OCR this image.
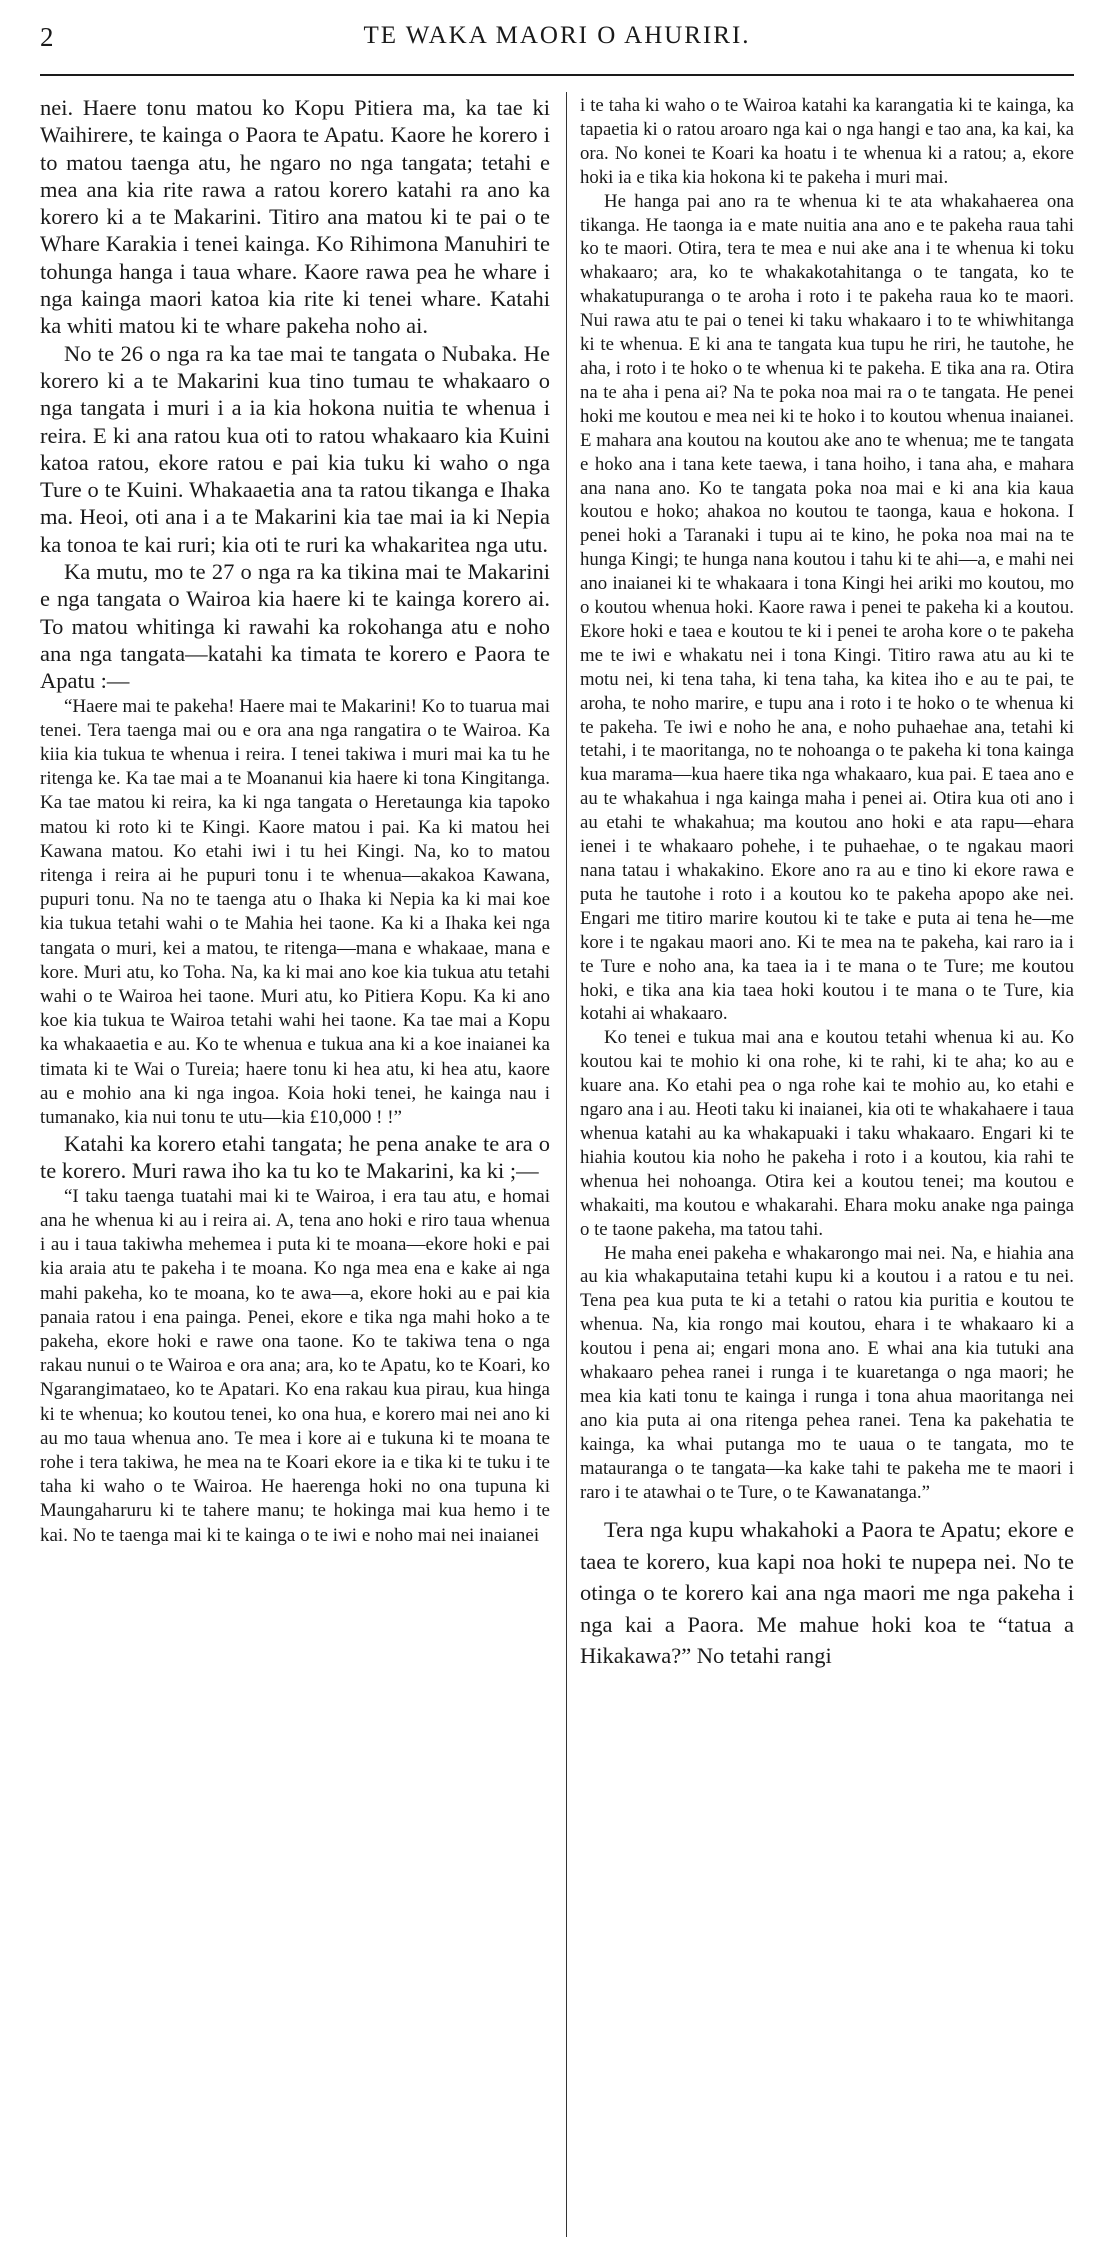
2	TE WAKA MAORI O AHURIRI.

nei. Haere tonu matou ko Kopu Pitiera ma, ka tae ki Waihirere, te kainga o Paora te Apatu. Kaore he korero i to matou taenga atu, he ngaro no nga tangata; tetahi e mea ana kia rite rawa a ratou korero katahi ra ano ka korero ki a te Makarini. Titiro ana matou ki te pai o te Whare Karakia i tenei kainga. Ko Rihimona Manuhiri te tohunga hanga i taua whare. Kaore rawa pea he whare i nga kainga maori katoa kia rite ki tenei whare. Katahi ka whiti matou ki te whare pakeha noho ai.

No te 26 o nga ra ka tae mai te tangata o Nubaka. He korero ki a te Makarini kua tino tumau te whakaaro o nga tangata i muri i a ia kia hokona nuitia te whenua i reira. E ki ana ratou kua oti to ratou whakaaro kia Kuini katoa ratou, ekore ratou e pai kia tuku ki waho o nga Ture o te Kuini. Whakaaetia ana ta ratou tikanga e Ihaka ma. Heoi, oti ana i a te Makarini kia tae mai ia ki Nepia ka tonoa te kai ruri; kia oti te ruri ka whakaritea nga utu.

Ka mutu, mo te 27 o nga ra ka tikina mai te Makarini e nga tangata o Wairoa kia haere ki te kainga korero ai. To matou whitinga ki rawahi ka rokohanga atu e noho ana nga tangata—katahi ka timata te korero e Paora te Apatu :—

“Haere mai te pakeha! Haere mai te Makarini! Ko to tuarua mai tenei. Tera taenga mai ou e ora ana nga rangatira o te Wairoa. Ka kiia kia tukua te whenua i reira. I tenei takiwa i muri mai ka tu he ritenga ke. Ka tae mai a te Moananui kia haere ki tona Kingitanga. Ka tae matou ki reira, ka ki nga tangata o Heretaunga kia tapoko matou ki roto ki te Kingi. Kaore matou i pai. Ka ki matou hei Kawana matou. Ko etahi iwi i tu hei Kingi. Na, ko to matou ritenga i reira ai he pupuri tonu i te whenua—akakoa Kawana, pupuri tonu. Na no te taenga atu o Ihaka ki Nepia ka ki mai koe kia tukua tetahi wahi o te Mahia hei taone. Ka ki a Ihaka kei nga tangata o muri, kei a matou, te ritenga—mana e whakaae, mana e kore. Muri atu, ko Toha. Na, ka ki mai ano koe kia tukua atu tetahi wahi o te Wairoa hei taone. Muri atu, ko Pitiera Kopu. Ka ki ano koe kia tukua te Wairoa tetahi wahi hei taone. Ka tae mai a Kopu ka whakaaetia e au. Ko te whenua e tukua ana ki a koe inaianei ka timata ki te Wai o Tureia; haere tonu ki hea atu, ki hea atu, kaore au e mohio ana ki nga ingoa. Koia hoki tenei, he kainga nau i tumanako, kia nui tonu te utu—kia £10,000 ! !”

Katahi ka korero etahi tangata; he pena anake te ara o te korero. Muri rawa iho ka tu ko te Makarini, ka ki ;—

“I taku taenga tuatahi mai ki te Wairoa, i era tau atu, e homai ana he whenua ki au i reira ai. A, tena ano hoki e riro taua whenua i au i taua takiwha mehemea i puta ki te moana—ekore hoki e pai kia araia atu te pakeha i te moana. Ko nga mea ena e kake ai nga mahi pakeha, ko te moana, ko te awa—a, ekore hoki au e pai kia panaia ratou i ena painga. Penei, ekore e tika nga mahi hoko a te pakeha, ekore hoki e rawe ona taone. Ko te takiwa tena o nga rakau nunui o te Wairoa e ora ana; ara, ko te Apatu, ko te Koari, ko Ngarangimataeo, ko te Apatari. Ko ena rakau kua pirau, kua hinga ki te whenua; ko koutou tenei, ko ona hua, e korero mai nei ano ki au mo taua whenua ano. Te mea i kore ai e tukuna ki te moana te rohe i tera takiwa, he mea na te Koari ekore ia e tika ki te tuku i te taha ki waho o te Wairoa. He haerenga hoki no ona tupuna ki Maungaharuru ki te tahere manu; te hokinga mai kua hemo i te kai. No te taenga mai ki te kainga o te iwi e noho mai nei inaianei

i te taha ki waho o te Wairoa katahi ka karangatia ki te kainga, ka tapaetia ki o ratou aroaro nga kai o nga hangi e tao ana, ka kai, ka ora. No konei te Koari ka hoatu i te whenua ki a ratou; a, ekore hoki ia e tika kia hokona ki te pakeha i muri mai.

He hanga pai ano ra te whenua ki te ata whakahaerea ona tikanga. He taonga ia e mate nuitia ana ano e te pakeha raua tahi ko te maori. Otira, tera te mea e nui ake ana i te whenua ki toku whakaaro; ara, ko te whakakotahitanga o te tangata, ko te whakatupuranga o te aroha i roto i te pakeha raua ko te maori. Nui rawa atu te pai o tenei ki taku whakaaro i to te whiwhitanga ki te whenua. E ki ana te tangata kua tupu he riri, he tautohe, he aha, i roto i te hoko o te whenua ki te pakeha. E tika ana ra. Otira na te aha i pena ai? Na te poka noa mai ra o te tangata. He penei hoki me koutou e mea nei ki te hoko i to koutou whenua inaianei. E mahara ana koutou na koutou ake ano te whenua; me te tangata e hoko ana i tana kete taewa, i tana hoiho, i tana aha, e mahara ana nana ano. Ko te tangata poka noa mai e ki ana kia kaua koutou e hoko; ahakoa no koutou te taonga, kaua e hokona. I penei hoki a Taranaki i tupu ai te kino, he poka noa mai na te hunga Kingi; te hunga nana koutou i tahu ki te ahi—a, e mahi nei ano inaianei ki te whakaara i tona Kingi hei ariki mo koutou, mo o koutou whenua hoki. Kaore rawa i penei te pakeha ki a koutou. Ekore hoki e taea e koutou te ki i penei te aroha kore o te pakeha me te iwi e whakatu nei i tona Kingi. Titiro rawa atu au ki te motu nei, ki tena taha, ki tena taha, ka kitea iho e au te pai, te aroha, te noho marire, e tupu ana i roto i te hoko o te whenua ki te pakeha. Te iwi e noho he ana, e noho puhaehae ana, tetahi ki tetahi, i te maoritanga, no te nohoanga o te pakeha ki tona kainga kua marama—kua haere tika nga whakaaro, kua pai. E taea ano e au te whakahua i nga kainga maha i penei ai. Otira kua oti ano i au etahi te whakahua; ma koutou ano hoki e ata rapu—ehara ienei i te whakaaro pohehe, i te puhaehae, o te ngakau maori nana tatau i whakakino. Ekore ano ra au e tino ki ekore rawa e puta he tautohe i roto i a koutou ko te pakeha apopo ake nei. Engari me titiro marire koutou ki te take e puta ai tena he—me kore i te ngakau maori ano. Ki te mea na te pakeha, kai raro ia i te Ture e noho ana, ka taea ia i te mana o te Ture; me koutou hoki, e tika ana kia taea hoki koutou i te mana o te Ture, kia kotahi ai whakaaro.

Ko tenei e tukua mai ana e koutou tetahi whenua ki au. Ko koutou kai te mohio ki ona rohe, ki te rahi, ki te aha; ko au e kuare ana. Ko etahi pea o nga rohe kai te mohio au, ko etahi e ngaro ana i au. Heoti taku ki inaianei, kia oti te whakahaere i taua whenua katahi au ka whakapuaki i taku whakaaro. Engari ki te hiahia koutou kia noho he pakeha i roto i a koutou, kia rahi te whenua hei nohoanga. Otira kei a koutou tenei; ma koutou e whakaiti, ma koutou e whakarahi. Ehara moku anake nga painga o te taone pakeha, ma tatou tahi.

He maha enei pakeha e whakarongo mai nei. Na, e hiahia ana au kia whakaputaina tetahi kupu ki a koutou i a ratou e tu nei. Tena pea kua puta te ki a tetahi o ratou kia puritia e koutou te whenua. Na, kia rongo mai koutou, ehara i te whakaaro ki a koutou i pena ai; engari mona ano. E whai ana kia tutuki ana whakaaro pehea ranei i runga i te kuaretanga o nga maori; he mea kia kati tonu te kainga i runga i tona ahua maoritanga nei ano kia puta ai ona ritenga pehea ranei. Tena ka pakehatia te kainga, ka whai putanga mo te uaua o te tangata, mo te matauranga o te tangata—ka kake tahi te pakeha me te maori i raro i te atawhai o te Ture, o te Kawanatanga.”

Tera nga kupu whakahoki a Paora te Apatu; ekore e taea te korero, kua kapi noa hoki te nupepa nei. No te otinga o te korero kai ana nga maori me nga pakeha i nga kai a Paora. Me mahue hoki koa te “tatua a Hikakawa?” No tetahi rangi
